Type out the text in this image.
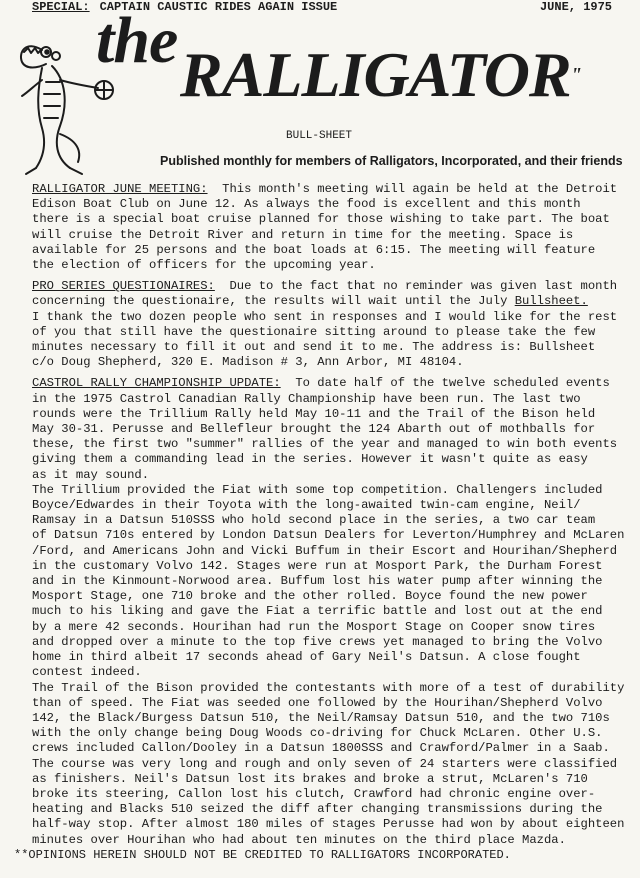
SPECIAL: CAPTAIN CAUSTIC RIDES AGAIN ISSUE	JUNE, 1975
the RALLIGATOR"
BULL-SHEET
Published monthly for members of Ralligators, Incorporated, and their friends
RALLIGATOR JUNE MEETING: This month's meeting will again be held at the Detroit
Edison Boat Club on June 12. As always the food is excellent and this month
there is a special boat cruise planned for those wishing to take part. The boat
will cruise the Detroit River and return in time for the meeting. Space is
available for 25 persons and the boat loads at 6:15. The meeting will feature
the election of officers for the upcoming year.
PRO SERIES QUESTIONAIRES: Due to the fact that no reminder was given last month
concerning the questionaire, the results will wait until the July Bullsheet.
I thank the two dozen people who sent in responses and I would like for the rest
of you that still have the questionaire sitting around to please take the few
minutes necessary to fill it out and send it to me. The address is: Bullsheet
c/o Doug Shepherd, 320 E. Madison # 3, Ann Arbor, MI 48104.
CASTROL RALLY CHAMPIONSHIP UPDATE: To date half of the twelve scheduled events
in the 1975 Castrol Canadian Rally Championship have been run. The last two
rounds were the Trillium Rally held May 10-11 and the Trail of the Bison held
May 30-31. Perusse and Bellefleur brought the 124 Abarth out of mothballs for
these, the first two "summer" rallies of the year and managed to win both events
giving them a commanding lead in the series. However it wasn't quite as easy
as it may sound.
The Trillium provided the Fiat with some top competition. Challengers included
Boyce/Edwardes in their Toyota with the long-awaited twin-cam engine, Neil/
Ramsay in a Datsun 510SSS who hold second place in the series, a two car team
of Datsun 710s entered by London Datsun Dealers for Leverton/Humphrey and McLaren
/Ford, and Americans John and Vicki Buffum in their Escort and Hourihan/Shepherd
in the customary Volvo 142. Stages were run at Mosport Park, the Durham Forest
and in the Kinmount-Norwood area. Buffum lost his water pump after winning the
Mosport Stage, one 710 broke and the other rolled. Boyce found the new power
much to his liking and gave the Fiat a terrific battle and lost out at the end
by a mere 42 seconds. Hourihan had run the Mosport Stage on Cooper snow tires
and dropped over a minute to the top five crews yet managed to bring the Volvo
home in third albeit 17 seconds ahead of Gary Neil's Datsun. A close fought
contest indeed.
The Trail of the Bison provided the contestants with more of a test of durability
than of speed. The Fiat was seeded one followed by the Hourihan/Shepherd Volvo
142, the Black/Burgess Datsun 510, the Neil/Ramsay Datsun 510, and the two 710s
with the only change being Doug Woods co-driving for Chuck McLaren. Other U.S.
crews included Callon/Dooley in a Datsun 1800SSS and Crawford/Palmer in a Saab.
The course was very long and rough and only seven of 24 starters were classified
as finishers. Neil's Datsun lost its brakes and broke a strut, McLaren's 710
broke its steering, Callon lost his clutch, Crawford had chronic engine over-
heating and Blacks 510 seized the diff after changing transmissions during the
half-way stop. After almost 180 miles of stages Perusse had won by about eighteen
minutes over Hourihan who had about ten minutes on the third place Mazda.
**OPINIONS HEREIN SHOULD NOT BE CREDITED TO RALLIGATORS INCORPORATED.
